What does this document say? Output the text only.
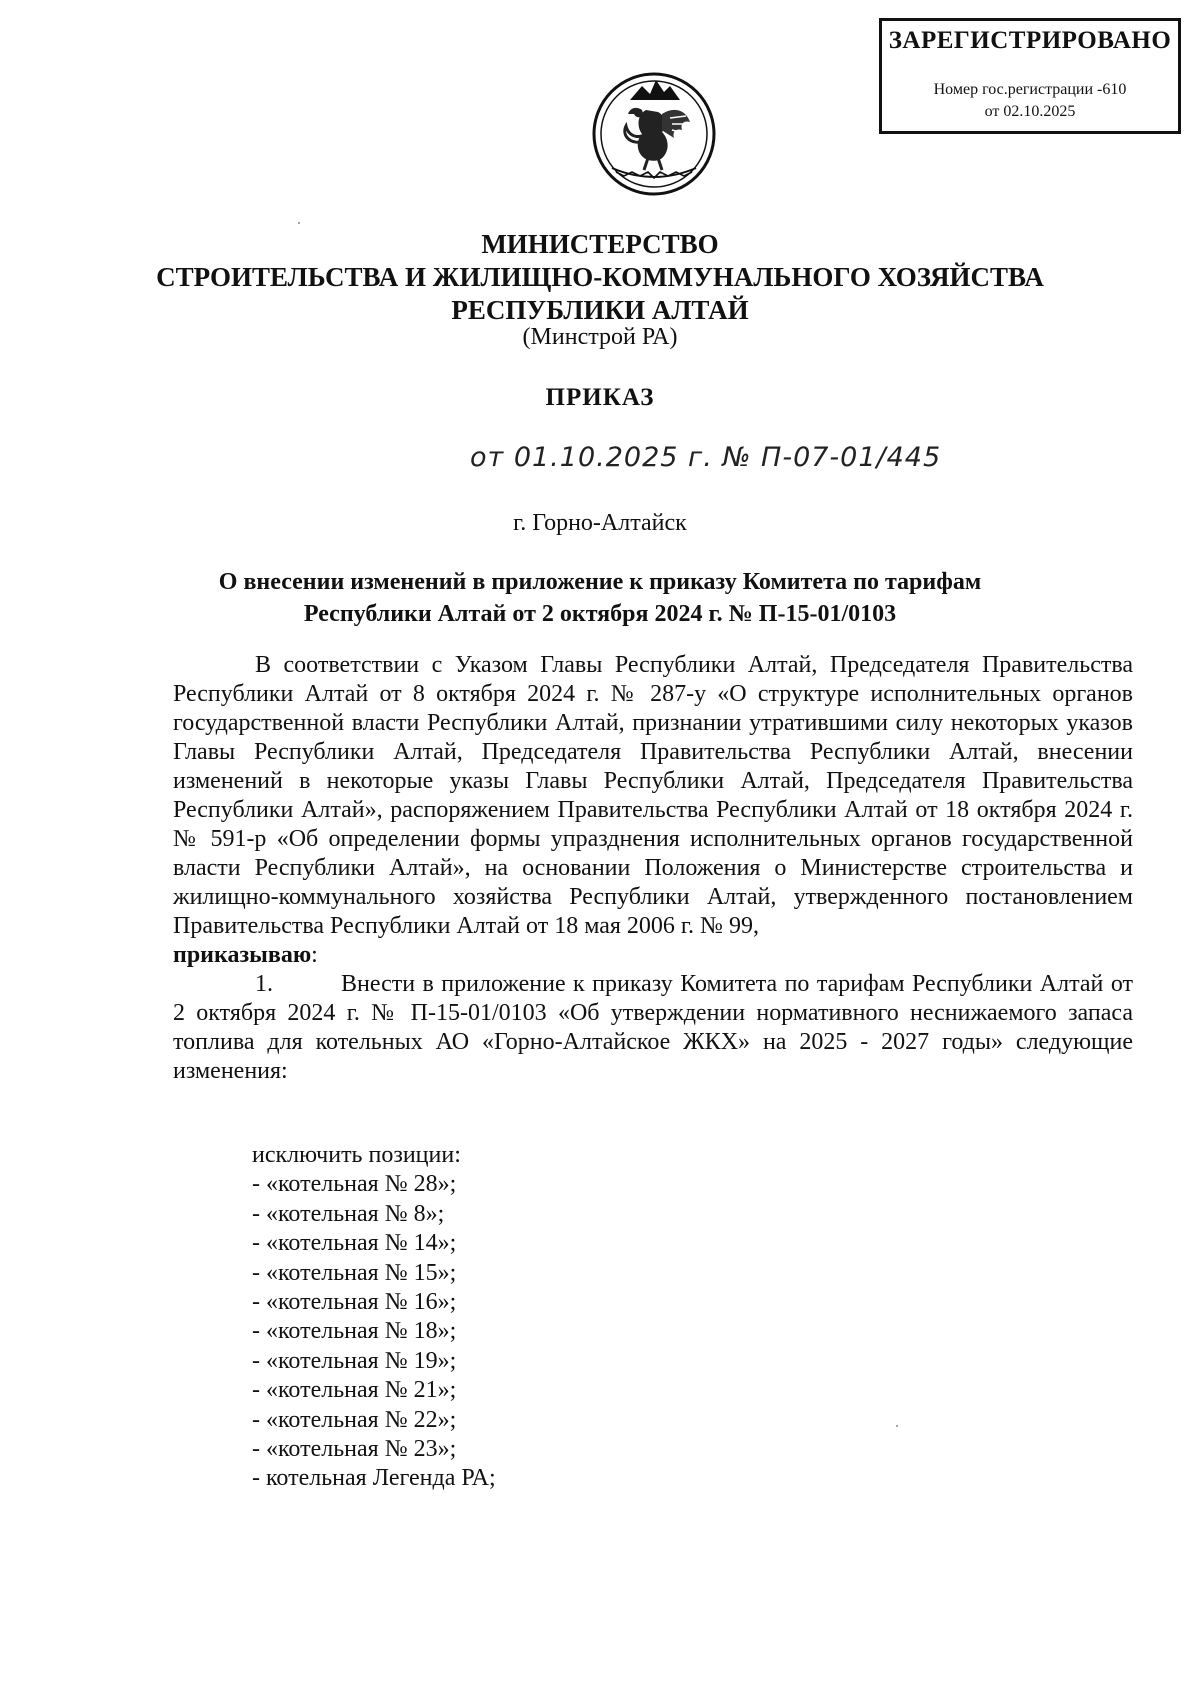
ЗАРЕГИСТРИРОВАНО
Номер гос.регистрации -610
от 02.10.2025
МИНИСТЕРСТВО
СТРОИТЕЛЬСТВА И ЖИЛИЩНО-КОММУНАЛЬНОГО ХОЗЯЙСТВА
РЕСПУБЛИКИ АЛТАЙ
(Минстрой РА)
ПРИКАЗ
от 01.10.2025 г. № П-07-01/445
г. Горно-Алтайск
О внесении изменений в приложение к приказу Комитета по тарифам
Республики Алтай от 2 октября 2024 г. № П-15-01/0103

В соответствии с Указом Главы Республики Алтай, Председателя Правительства Республики Алтай от 8 октября 2024 г. № 287-у «О структуре исполнительных органов государственной власти Республики Алтай, признании утратившими силу некоторых указов Главы Республики Алтай, Председателя Правительства Республики Алтай, внесении изменений в некоторые указы Главы Республики Алтай, Председателя Правительства Республики Алтай», распоряжением Правительства Республики Алтай от 18 октября 2024 г. № 591-р «Об определении формы упразднения исполнительных органов государственной власти Республики Алтай», на основании Положения о Министерстве строительства и жилищно-коммунального хозяйства Республики Алтай, утвержденного постановлением Правительства Республики Алтай от 18 мая 2006 г. № 99,

приказываю:

1.	Внести в приложение к приказу Комитета по тарифам Республики Алтай от 2 октября 2024 г. № П-15-01/0103 «Об утверждении нормативного неснижаемого запаса топлива для котельных АО «Горно-Алтайское ЖКХ» на 2025 - 2027 годы» следующие изменения:

исключить позиции:
- «котельная № 28»;
- «котельная № 8»;
- «котельная № 14»;
- «котельная № 15»;
- «котельная № 16»;
- «котельная № 18»;
- «котельная № 19»;
- «котельная № 21»;
- «котельная № 22»;
- «котельная № 23»;
- котельная Легенда РА;
